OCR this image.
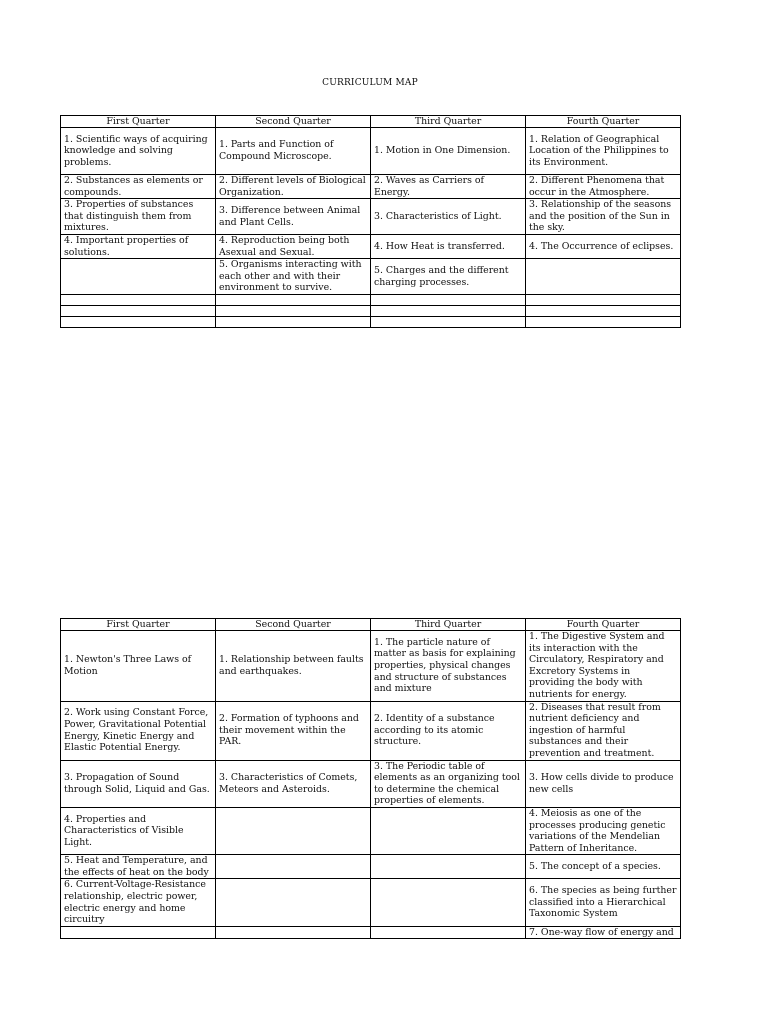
CURRICULUM MAP
First Quarter	Second Quarter	Third Quarter	Fourth Quarter
1. Scientific ways of acquiring knowledge and solving problems.	1. Parts and Function of Compound Microscope.	1. Motion in One Dimension.	1. Relation of Geographical Location of the Philippines to its Environment.
2. Substances as elements or compounds.	2. Different levels of Biological Organization.	2. Waves as Carriers of Energy.	2. Different Phenomena that occur in the Atmosphere.
3. Properties of substances that distinguish them from mixtures.	3. Difference between Animal and Plant Cells.	3. Characteristics of Light.	3. Relationship of the seasons and the position of the Sun in the sky.
4. Important properties of solutions.	4. Reproduction being both Asexual and Sexual.	4. How Heat is transferred.	4. The Occurrence of eclipses.
	5. Organisms interacting with each other and with their environment to survive.	5. Charges and the different charging processes.	

First Quarter	Second Quarter	Third Quarter	Fourth Quarter
1. Newton's Three Laws of Motion	1. Relationship between faults and earthquakes.	1. The particle nature of matter as basis for explaining properties, physical changes and structure of substances and mixture	1. The Digestive System and its interaction with the Circulatory, Respiratory and Excretory Systems in providing the body with nutrients for energy.
2. Work using Constant Force, Power, Gravitational Potential Energy, Kinetic Energy and Elastic Potential Energy.	2. Formation of typhoons and their movement within the PAR.	2. Identity of a substance according to its atomic structure.	2. Diseases that result from nutrient deficiency and ingestion of harmful substances and their prevention and treatment.
3. Propagation of Sound through Solid, Liquid and Gas.	3. Characteristics of Comets, Meteors and Asteroids.	3. The Periodic table of elements as an organizing tool to determine the chemical properties of elements.	3. How cells divide to produce new cells
4. Properties and Characteristics of Visible Light.			4. Meiosis as one of the processes producing genetic variations of the Mendelian Pattern of Inheritance.
5. Heat and Temperature, and the effects of heat on the body			5. The concept of a species.
6. Current-Voltage-Resistance relationship, electric power, electric energy and home circuitry			6. The species as being further classified into a Hierarchical Taxonomic System
			7. One-way flow of energy and
